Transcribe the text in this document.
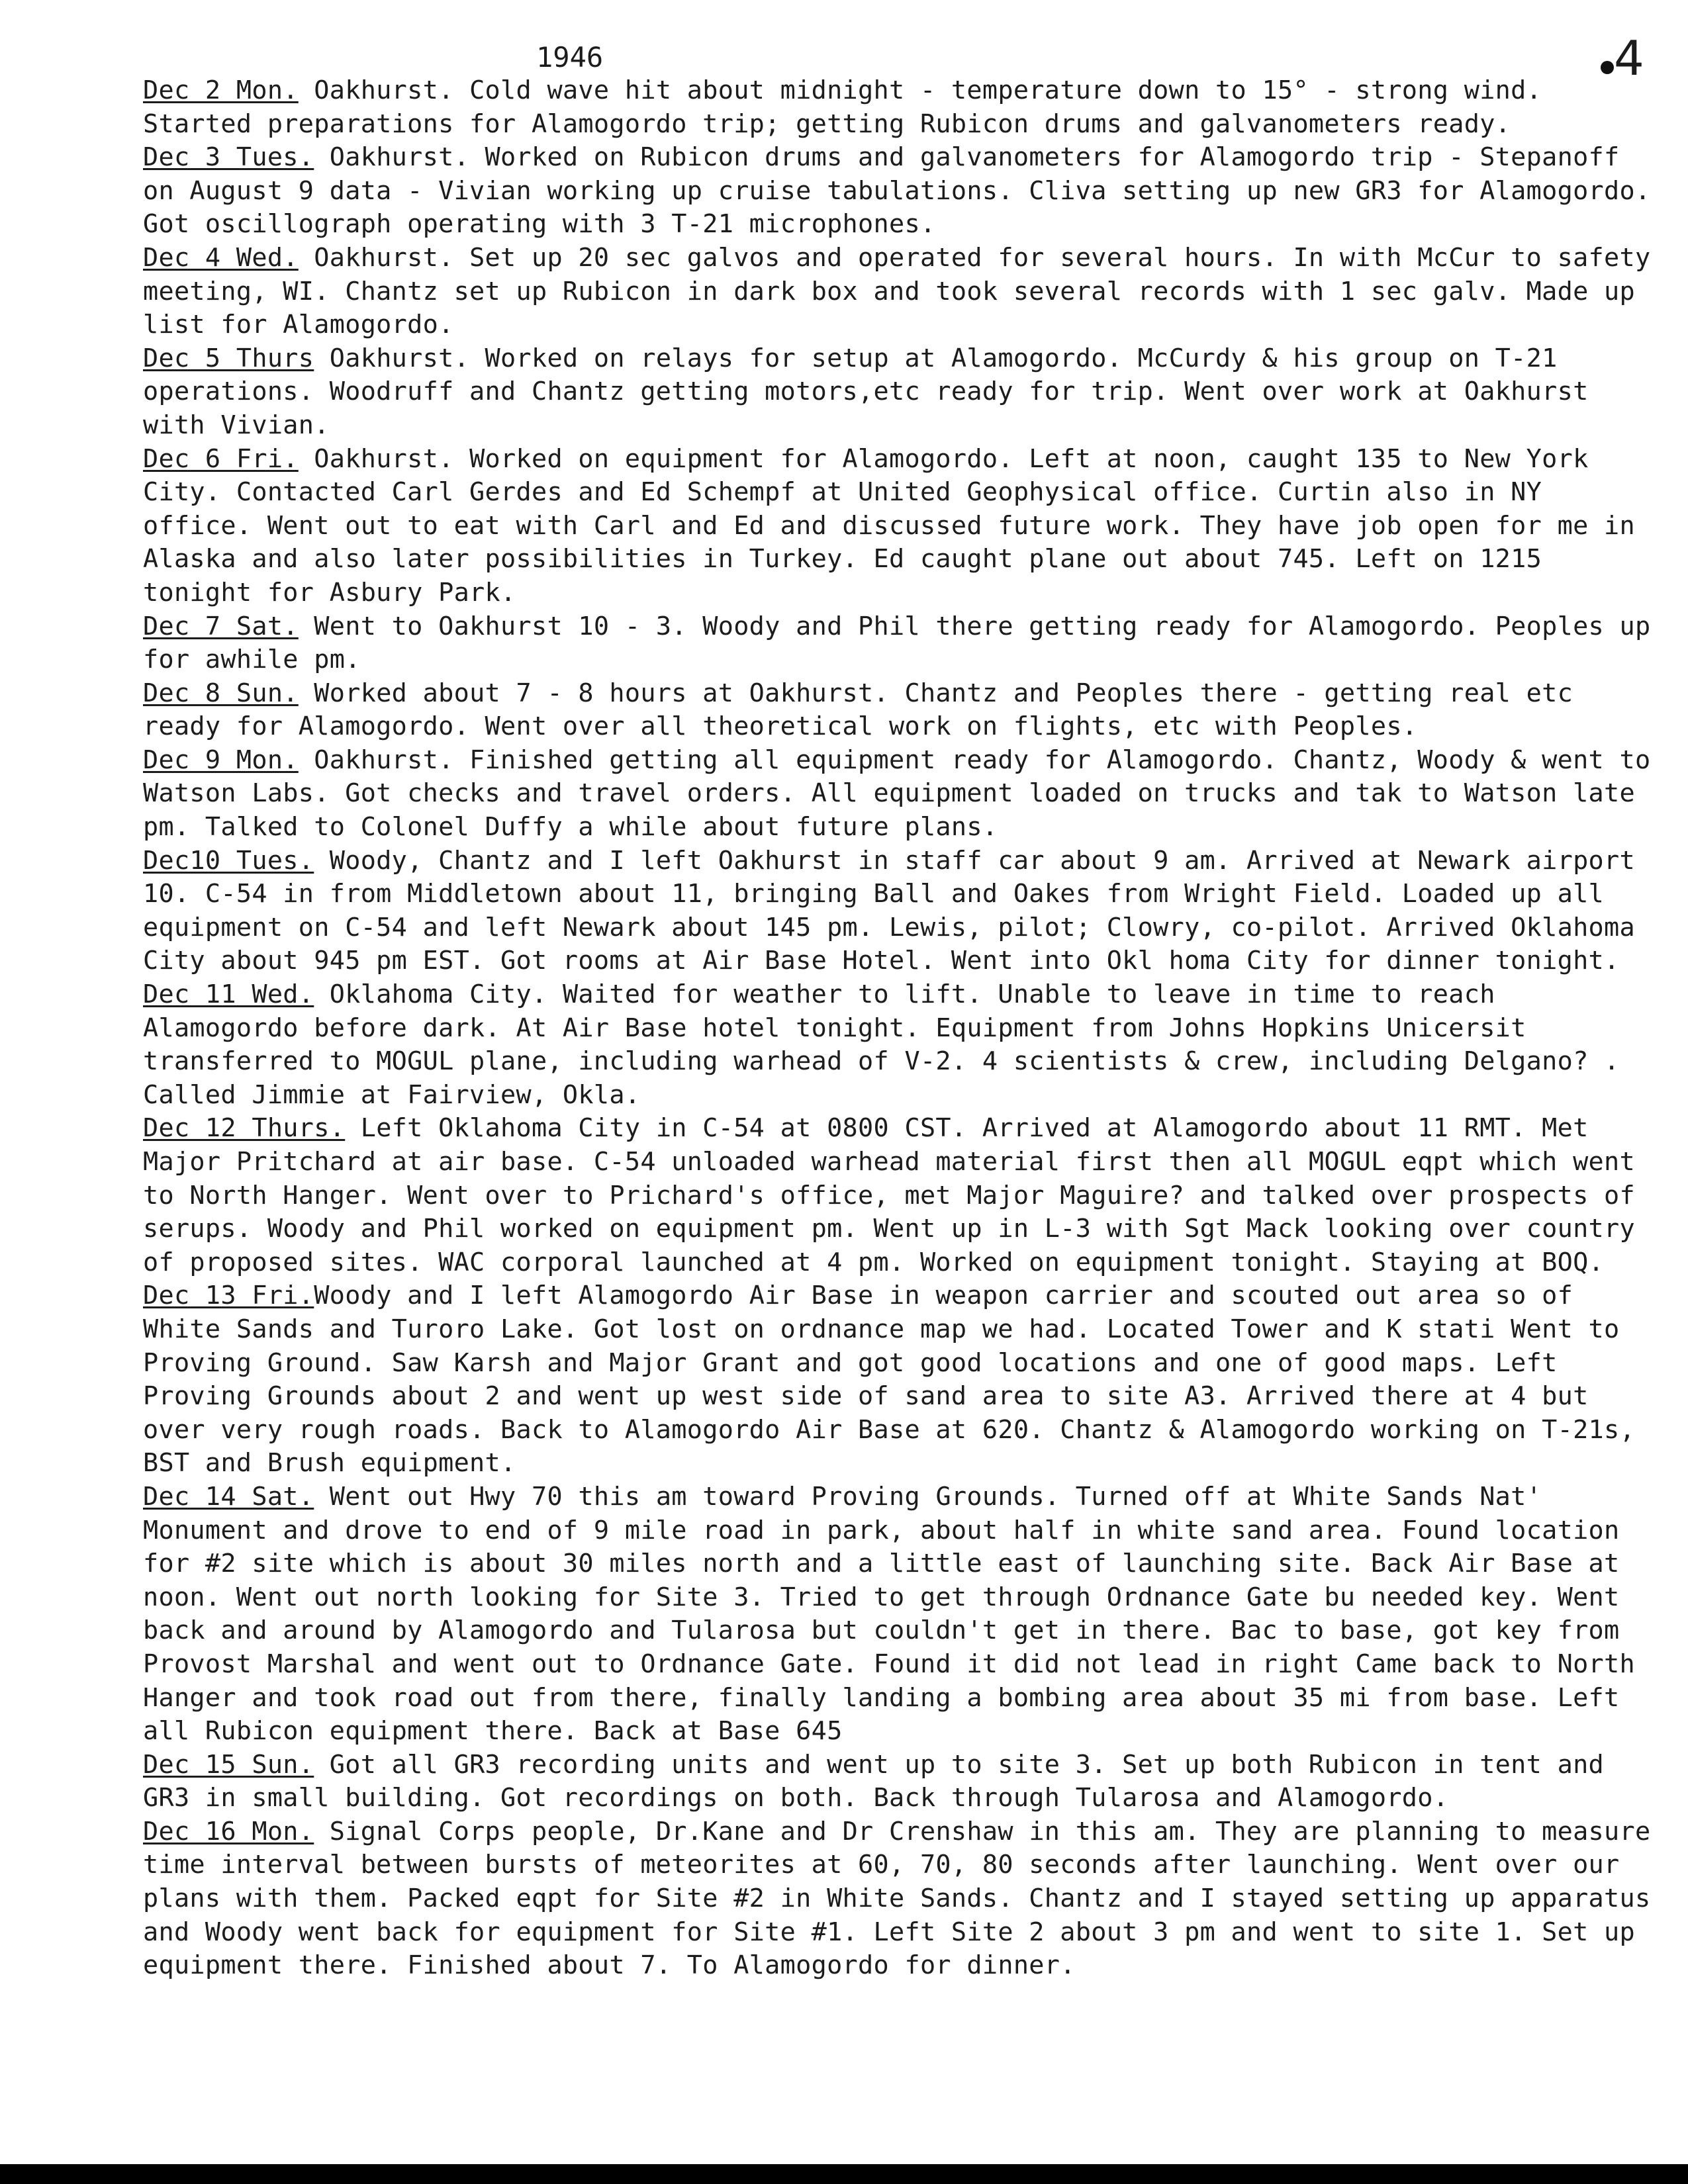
1946	4

Dec 2 Mon. Oakhurst. Cold wave hit about midnight - temperature down to 15° - strong wind. Started preparations for Alamogordo trip; getting Rubicon drums and galvanometers ready.

Dec 3 Tues. Oakhurst. Worked on Rubicon drums and galvanometers for Alamogordo trip - Stepanoff on August 9 data - Vivian working up cruise tabulations. Cliva setting up new GR3 for Alamogordo. Got oscillograph operating with 3 T-21 microphones.

Dec 4 Wed. Oakhurst. Set up 20 sec galvos and operated for several hours. In with McCur to safety meeting, WI. Chantz set up Rubicon in dark box and took several records with 1 sec galv. Made up list for Alamogordo.

Dec 5 Thurs Oakhurst. Worked on relays for setup at Alamogordo. McCurdy & his group on T-21 operations. Woodruff and Chantz getting motors,etc ready for trip. Went over work at Oakhurst with Vivian.

Dec 6 Fri. Oakhurst. Worked on equipment for Alamogordo. Left at noon, caught 135 to New York City. Contacted Carl Gerdes and Ed Schempf at United Geophysical office. Curtin also in NY office. Went out to eat with Carl and Ed and discussed future work. They have job open for me in Alaska and also later possibilities in Turkey. Ed caught plane out about 745. Left on 1215 tonight for Asbury Park.

Dec 7 Sat. Went to Oakhurst 10 - 3. Woody and Phil there getting ready for Alamogordo. Peoples up for awhile pm.

Dec 8 Sun. Worked about 7 - 8 hours at Oakhurst. Chantz and Peoples there - getting real etc ready for Alamogordo. Went over all theoretical work on flights, etc with Peoples.

Dec 9 Mon. Oakhurst. Finished getting all equipment ready for Alamogordo. Chantz, Woody & went to Watson Labs. Got checks and travel orders. All equipment loaded on trucks and tak to Watson late pm. Talked to Colonel Duffy a while about future plans.

Dec10 Tues. Woody, Chantz and I left Oakhurst in staff car about 9 am. Arrived at Newark airport 10. C-54 in from Middletown about 11, bringing Ball and Oakes from Wright Field. Loaded up all equipment on C-54 and left Newark about 145 pm. Lewis, pilot; Clowry, co-pilot. Arrived Oklahoma City about 945 pm EST. Got rooms at Air Base Hotel. Went into Okl homa City for dinner tonight.

Dec 11 Wed. Oklahoma City. Waited for weather to lift. Unable to leave in time to reach Alamogordo before dark. At Air Base hotel tonight. Equipment from Johns Hopkins Unicersit transferred to MOGUL plane, including warhead of V-2. 4 scientists & crew, including Delgano? . Called Jimmie at Fairview, Okla.

Dec 12 Thurs. Left Oklahoma City in C-54 at 0800 CST. Arrived at Alamogordo about 11 RMT. Met Major Pritchard at air base. C-54 unloaded warhead material first then all MOGUL eqpt which went to North Hanger. Went over to Prichard's office, met Major Maguire? and talked over prospects of serups. Woody and Phil worked on equipment pm. Went up in L-3 with Sgt Mack looking over country of proposed sites. WAC corporal launched at 4 pm. Worked on equipment tonight. Staying at BOQ.

Dec 13 Fri.Woody and I left Alamogordo Air Base in weapon carrier and scouted out area so of White Sands and Turoro Lake. Got lost on ordnance map we had. Located Tower and K stati Went to Proving Ground. Saw Karsh and Major Grant and got good locations and one of good maps. Left Proving Grounds about 2 and went up west side of sand area to site A3. Arrived there at 4 but over very rough roads. Back to Alamogordo Air Base at 620. Chantz & Alamogordo working on T-21s, BST and Brush equipment.

Dec 14 Sat. Went out Hwy 70 this am toward Proving Grounds. Turned off at White Sands Nat' Monument and drove to end of 9 mile road in park, about half in white sand area. Found location for #2 site which is about 30 miles north and a little east of launching site. Back Air Base at noon. Went out north looking for Site 3. Tried to get through Ordnance Gate bu needed key. Went back and around by Alamogordo and Tularosa but couldn't get in there. Bac to base, got key from Provost Marshal and went out to Ordnance Gate. Found it did not lead in right Came back to North Hanger and took road out from there, finally landing a bombing area about 35 mi from base. Left all Rubicon equipment there. Back at Base 645

Dec 15 Sun. Got all GR3 recording units and went up to site 3. Set up both Rubicon in tent and GR3 in small building. Got recordings on both. Back through Tularosa and Alamogordo.

Dec 16 Mon. Signal Corps people, Dr.Kane and Dr Crenshaw in this am. They are planning to measure time interval between bursts of meteorites at 60, 70, 80 seconds after launching. Went over our plans with them. Packed eqpt for Site #2 in White Sands. Chantz and I stayed setting up apparatus and Woody went back for equipment for Site #1. Left Site 2 about 3 pm and went to site 1. Set up equipment there. Finished about 7. To Alamogordo for dinner.
